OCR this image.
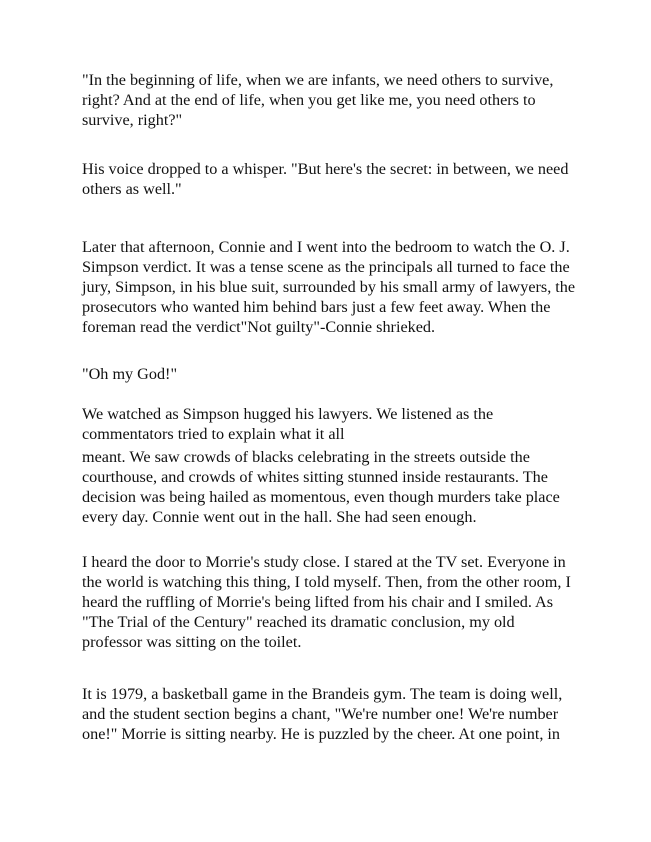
"In the beginning of life, when we are infants, we need others to survive,
right? And at the end of life, when you get like me, you need others to
survive, right?"

His voice dropped to a whisper. "But here's the secret: in between, we need
others as well."

Later that afternoon, Connie and I went into the bedroom to watch the O. J.
Simpson verdict. It was a tense scene as the principals all turned to face the
jury, Simpson, in his blue suit, surrounded by his small army of lawyers, the
prosecutors who wanted him behind bars just a few feet away. When the
foreman read the verdict"Not guilty"-Connie shrieked.

"Oh my God!"

We watched as Simpson hugged his lawyers. We listened as the
commentators tried to explain what it all

meant. We saw crowds of blacks celebrating in the streets outside the
courthouse, and crowds of whites sitting stunned inside restaurants. The
decision was being hailed as momentous, even though murders take place
every day. Connie went out in the hall. She had seen enough.

I heard the door to Morrie's study close. I stared at the TV set. Everyone in
the world is watching this thing, I told myself. Then, from the other room, I
heard the ruffling of Morrie's being lifted from his chair and I smiled. As
"The Trial of the Century" reached its dramatic conclusion, my old
professor was sitting on the toilet.

It is 1979, a basketball game in the Brandeis gym. The team is doing well,
and the student section begins a chant, "We're number one! We're number
one!" Morrie is sitting nearby. He is puzzled by the cheer. At one point, in
